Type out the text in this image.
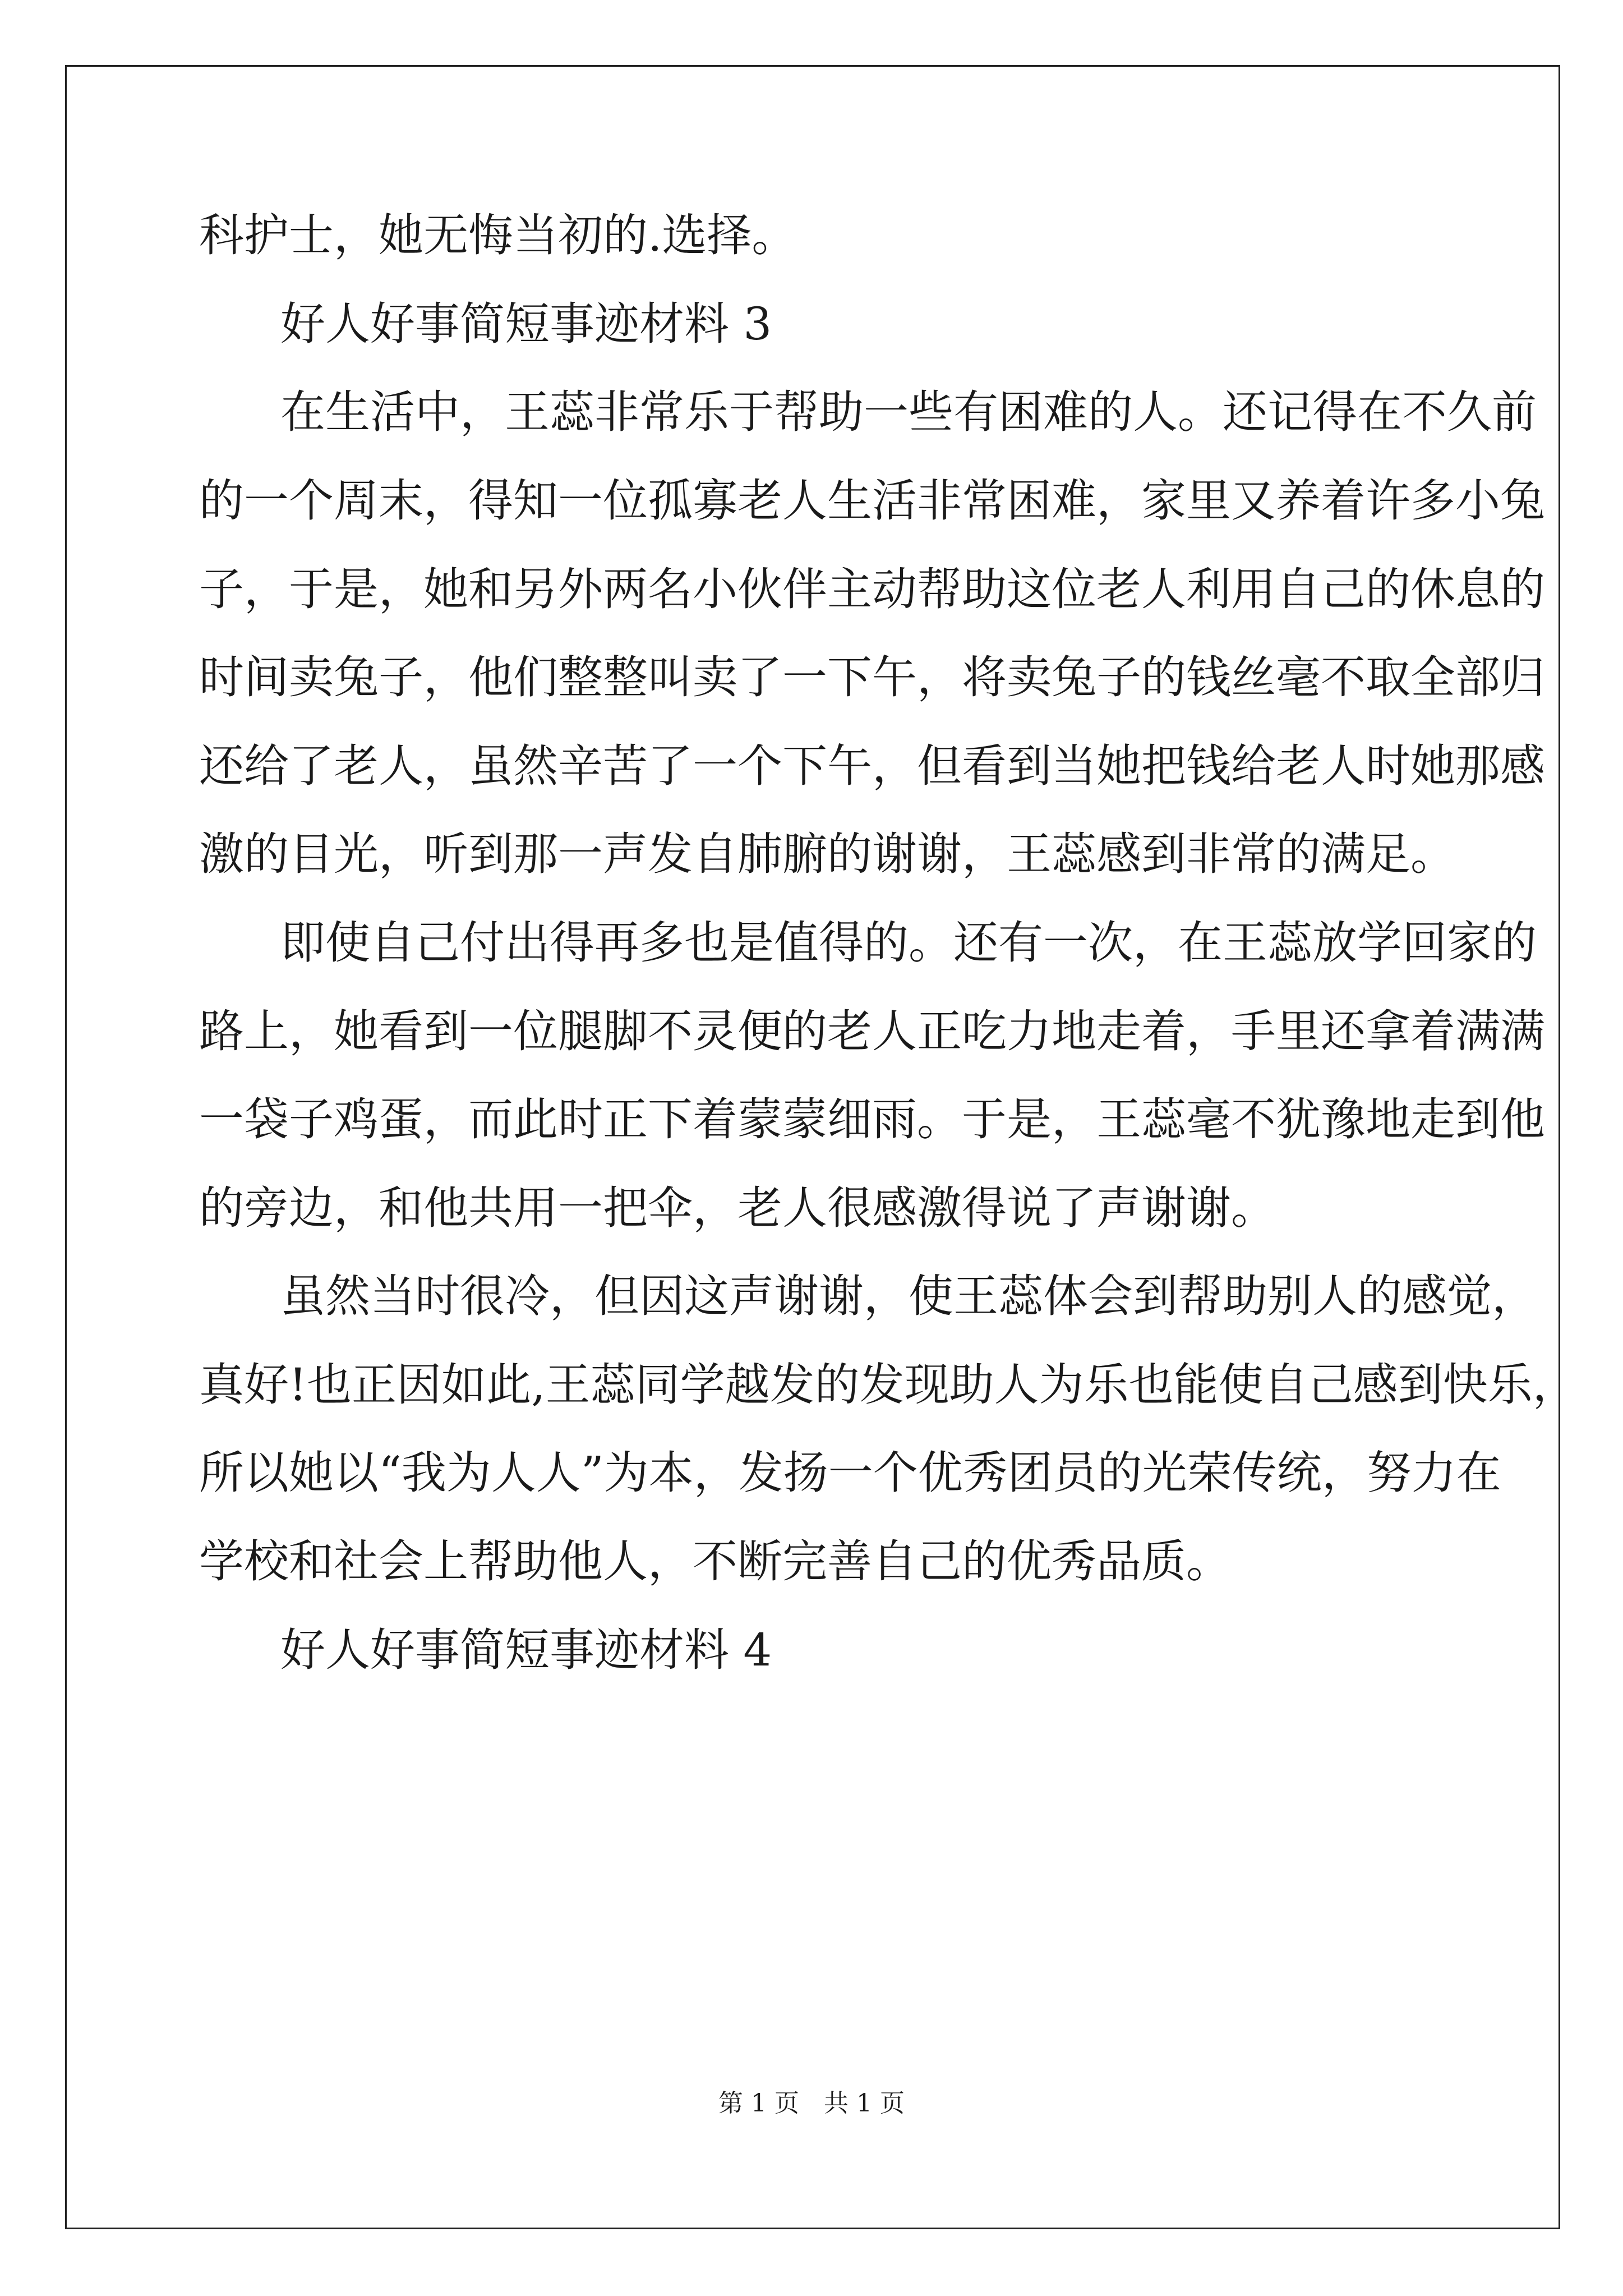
科护士，她无悔当初的.选择。

好人好事简短事迹材料 3

在生活中，王蕊非常乐于帮助一些有困难的人。还记得在不久前

的一个周末，得知一位孤寡老人生活非常困难，家里又养着许多小兔

子，于是，她和另外两名小伙伴主动帮助这位老人利用自己的休息的

时间卖兔子，他们整整叫卖了一下午，将卖兔子的钱丝毫不取全部归

还给了老人，虽然辛苦了一个下午，但看到当她把钱给老人时她那感

激的目光，听到那一声发自肺腑的谢谢，王蕊感到非常的满足。

即使自己付出得再多也是值得的。还有一次，在王蕊放学回家的

路上，她看到一位腿脚不灵便的老人正吃力地走着，手里还拿着满满

一袋子鸡蛋，而此时正下着蒙蒙细雨。于是，王蕊毫不犹豫地走到他

的旁边，和他共用一把伞，老人很感激得说了声谢谢。

虽然当时很冷，但因这声谢谢，使王蕊体会到帮助别人的感觉，

真好!也正因如此,王蕊同学越发的发现助人为乐也能使自己感到快乐，

所以她以“我为人人”为本，发扬一个优秀团员的光荣传统，努力在

学校和社会上帮助他人，不断完善自己的优秀品质。

好人好事简短事迹材料 4

第 1 页　共 1 页
